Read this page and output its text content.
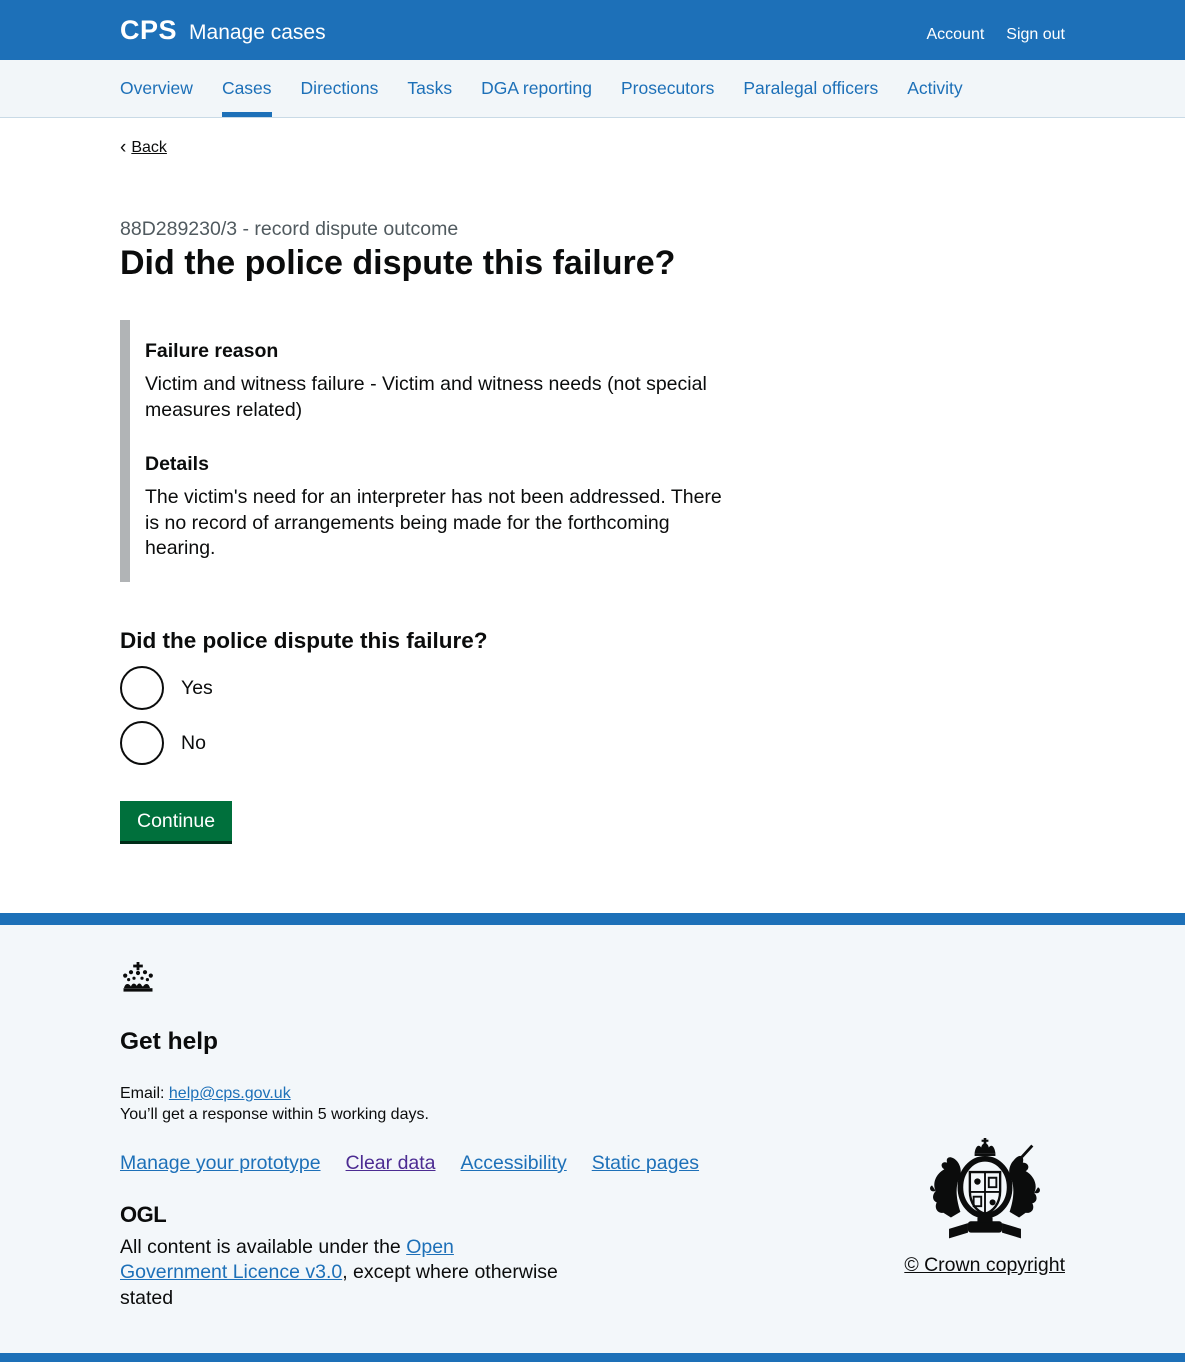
CPS Manage cases	Account Sign out
Overview Cases Directions Tasks DGA reporting Prosecutors Paralegal officers Activity
‹ Back

88D289230/3 - record dispute outcome

Did the police dispute this failure?
Failure reason

Victim and witness failure - Victim and witness needs (not special measures related)

Details

The victim's need for an interpreter has not been addressed. There is no record of arrangements being made for the forthcoming hearing.

Did the police dispute this failure?
Yes
No
Continue
Get help

Email: help@cps.gov.uk

You’ll get a response within 5 working days.

Manage your prototype Clear data Accessibility Static pages
OGL

All content is available under the Open Government Licence v3.0, except where otherwise stated

© Crown copyright
